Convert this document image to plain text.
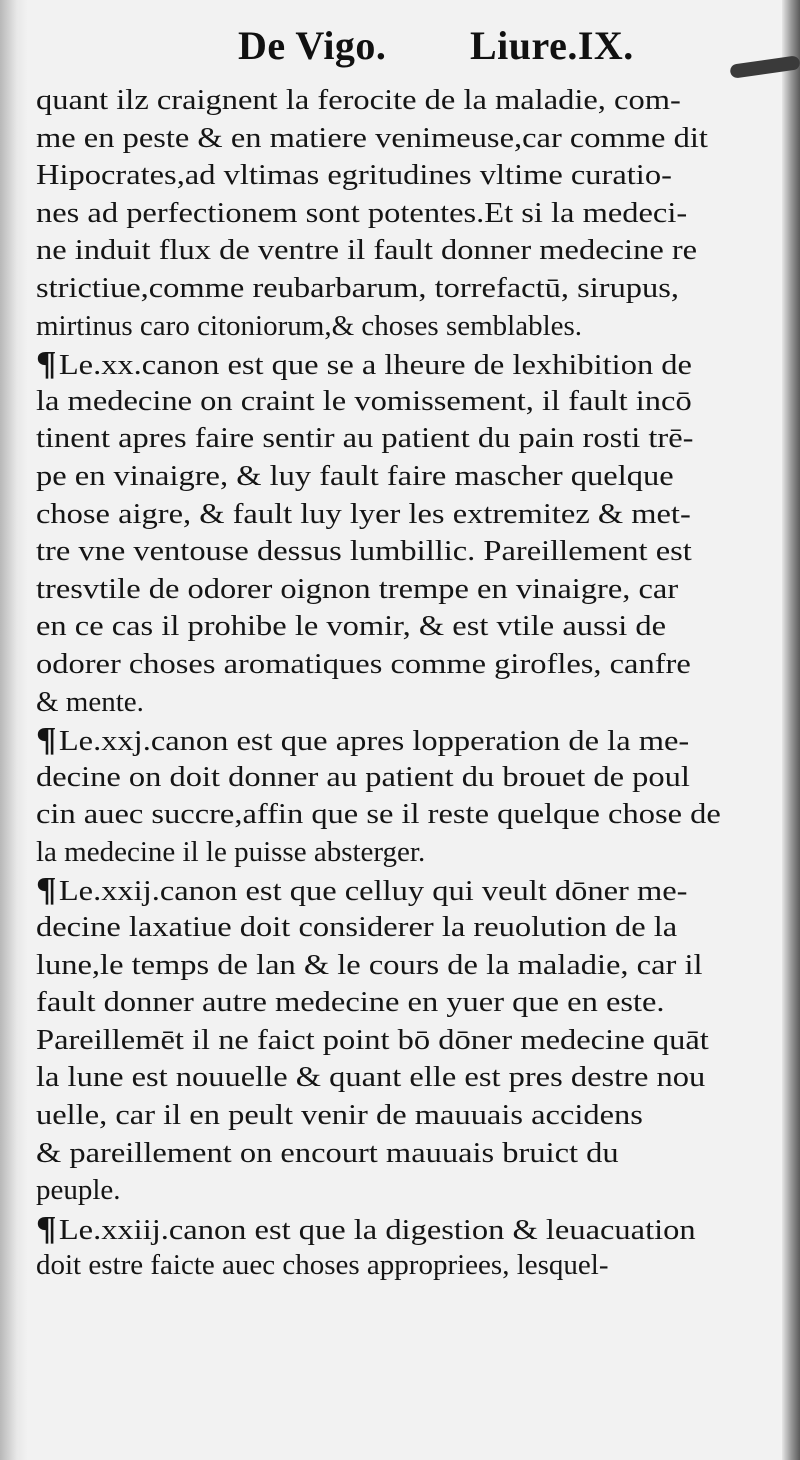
De Vigo. Liure.IX.
quant ilz craignent la ferocite de la maladie, com-
me en peste & en matiere venimeuse,car comme dit
Hipocrates,ad vltimas egritudines vltime curatio-
nes ad perfectionem sont potentes.Et si la medeci-
ne induit flux de ventre il fault donner medecine re
strictiue,comme reubarbarum, torrefactū, sirupus,
mirtinus caro citoniorum,& choses semblables.
¶Le.xx.canon est que se a lheure de lexhibition de
la medecine on craint le vomissement, il fault incō
tinent apres faire sentir au patient du pain rosti trē-
pe en vinaigre, & luy fault faire mascher quelque
chose aigre, & fault luy lyer les extremitez & met-
tre vne ventouse dessus lumbillic. Pareillement est
tresvtile de odorer oignon trempe en vinaigre, car
en ce cas il prohibe le vomir, & est vtile aussi de
odorer choses aromatiques comme girofles, canfre
& mente.
¶Le.xxj.canon est que apres lopperation de la me-
decine on doit donner au patient du brouet de poul
cin auec succre,affin que se il reste quelque chose de
la medecine il le puisse absterger.
¶Le.xxij.canon est que celluy qui veult dōner me-
decine laxatiue doit considerer la reuolution de la
lune,le temps de lan & le cours de la maladie, car il
fault donner autre medecine en yuer que en este.
Pareillemēt il ne faict point bō dōner medecine quāt
la lune est nouuelle & quant elle est pres destre nou
uelle, car il en peult venir de mauuais accidens
& pareillement on encourt mauuais bruict du
peuple.
¶Le.xxiij.canon est que la digestion & leuacuation
doit estre faicte auec choses appropriees, lesquel-
